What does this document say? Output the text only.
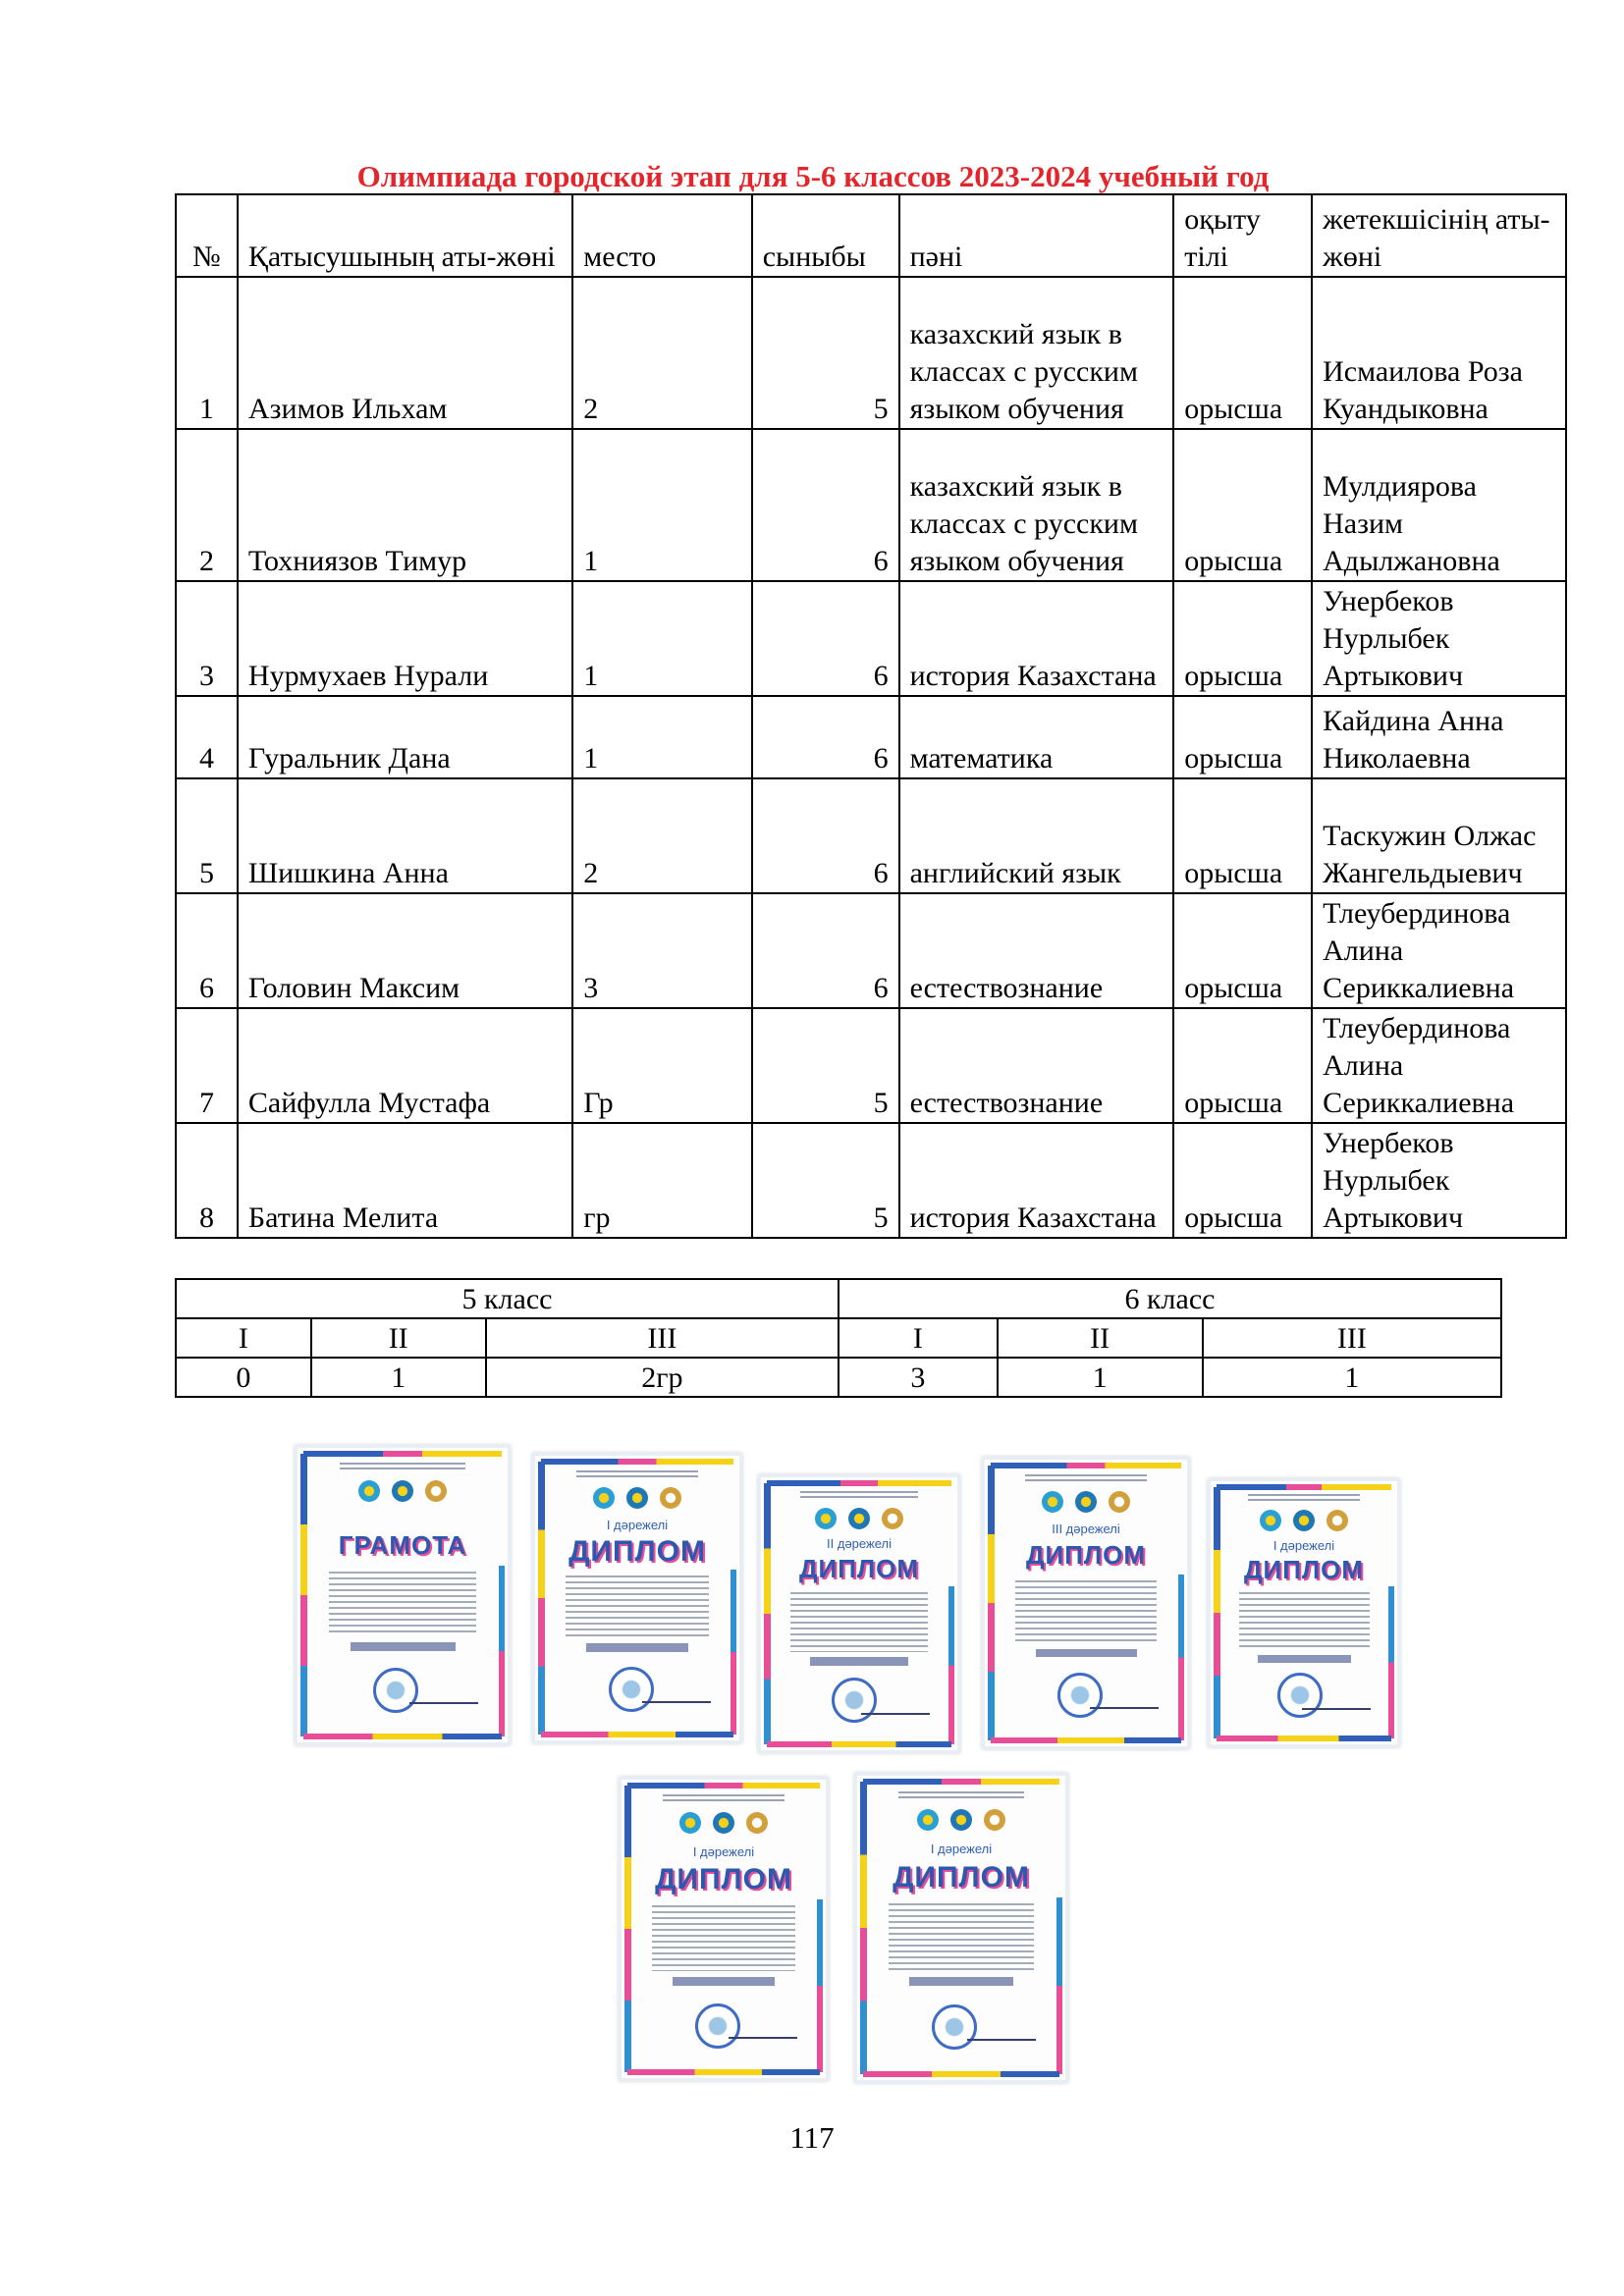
Олимпиада городской этап для 5-6 классов 2023-2024 учебный год
№	Қатысушының аты-жөні	место	сыныбы	пәні	оқыту тілі	жетекшісінің аты-жөні
1	Азимов Ильхам	2	5	казахский язык в классах с русским языком обучения	орысша	Исмаилова Роза Куандыковна
2	Тохниязов Тимур	1	6	казахский язык в классах с русским языком обучения	орысша	Мулдиярова Назим Адылжановна
3	Нурмухаев Нурали	1	6	история Казахстана	орысша	Унербеков Нурлыбек Артыкович
4	Гуральник Дана	1	6	математика	орысша	Кайдина Анна Николаевна
5	Шишкина Анна	2	6	английский язык	орысша	Таскужин Олжас Жангельдыевич
6	Головин Максим	3	6	естествознание	орысша	Тлеубердинова Алина Сериккалиевна
7	Сайфулла Мустафа	Гр	5	естествознание	орысша	Тлеубердинова Алина Сериккалиевна
8	Батина Мелита	гр	5	история Казахстана	орысша	Унербеков Нурлыбек Артыкович
5 класс			6 класс		
I	II	III	I	II	III
0	1	2гр	3	1	1
ГРАМОТА
I дәрежелі
ДИПЛОМ	II дәрежелі
ДИПЛОМ
III дәрежелі
ДИПЛОМ	I дәрежелі
ДИПЛОМ
I дәрежелі
ДИПЛОМ
I дәрежелі
ДИПЛОМ
117
